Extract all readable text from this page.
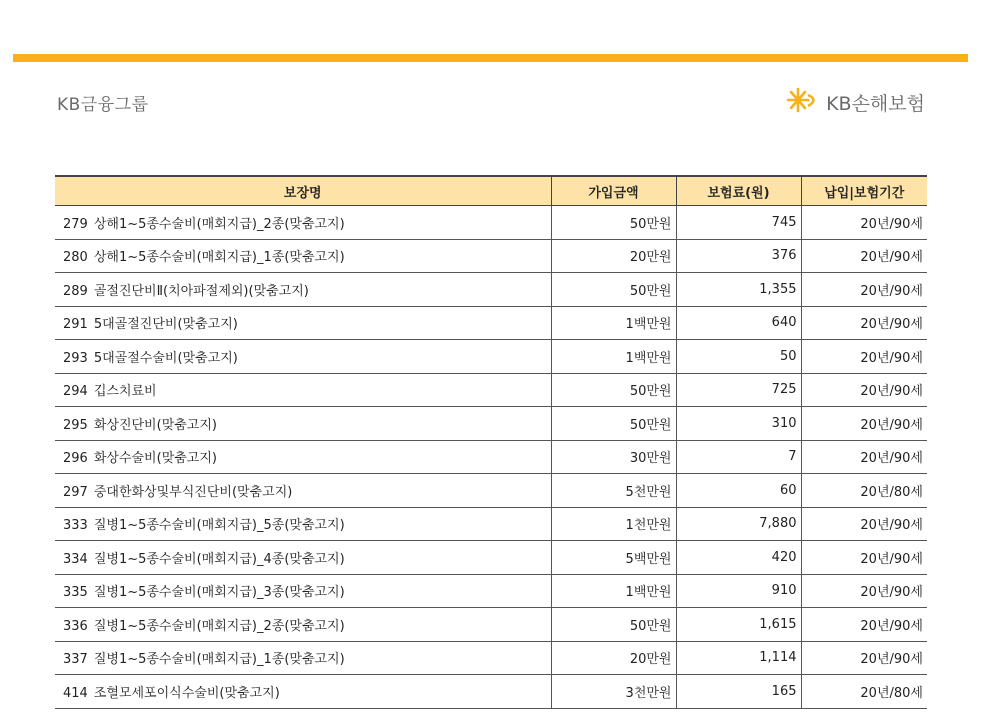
KB금융그룹	KB손해보험
보장명	가입금액	보험료(원)	납입|보험기간
279 상해1~5종수술비(매회지급)_2종(맞춤고지)	50만원	745	20년/90세
280 상해1~5종수술비(매회지급)_1종(맞춤고지)	20만원	376	20년/90세
289 골절진단비Ⅱ(치아파절제외)(맞춤고지)	50만원	1,355	20년/90세
291 5대골절진단비(맞춤고지)	1백만원	640	20년/90세
293 5대골절수술비(맞춤고지)	1백만원	50	20년/90세
294 깁스치료비	50만원	725	20년/90세
295 화상진단비(맞춤고지)	50만원	310	20년/90세
296 화상수술비(맞춤고지)	30만원	7	20년/90세
297 중대한화상및부식진단비(맞춤고지)	5천만원	60	20년/80세
333 질병1~5종수술비(매회지급)_5종(맞춤고지)	1천만원	7,880	20년/90세
334 질병1~5종수술비(매회지급)_4종(맞춤고지)	5백만원	420	20년/90세
335 질병1~5종수술비(매회지급)_3종(맞춤고지)	1백만원	910	20년/90세
336 질병1~5종수술비(매회지급)_2종(맞춤고지)	50만원	1,615	20년/90세
337 질병1~5종수술비(매회지급)_1종(맞춤고지)	20만원	1,114	20년/90세
414 조혈모세포이식수술비(맞춤고지)	3천만원	165	20년/80세
